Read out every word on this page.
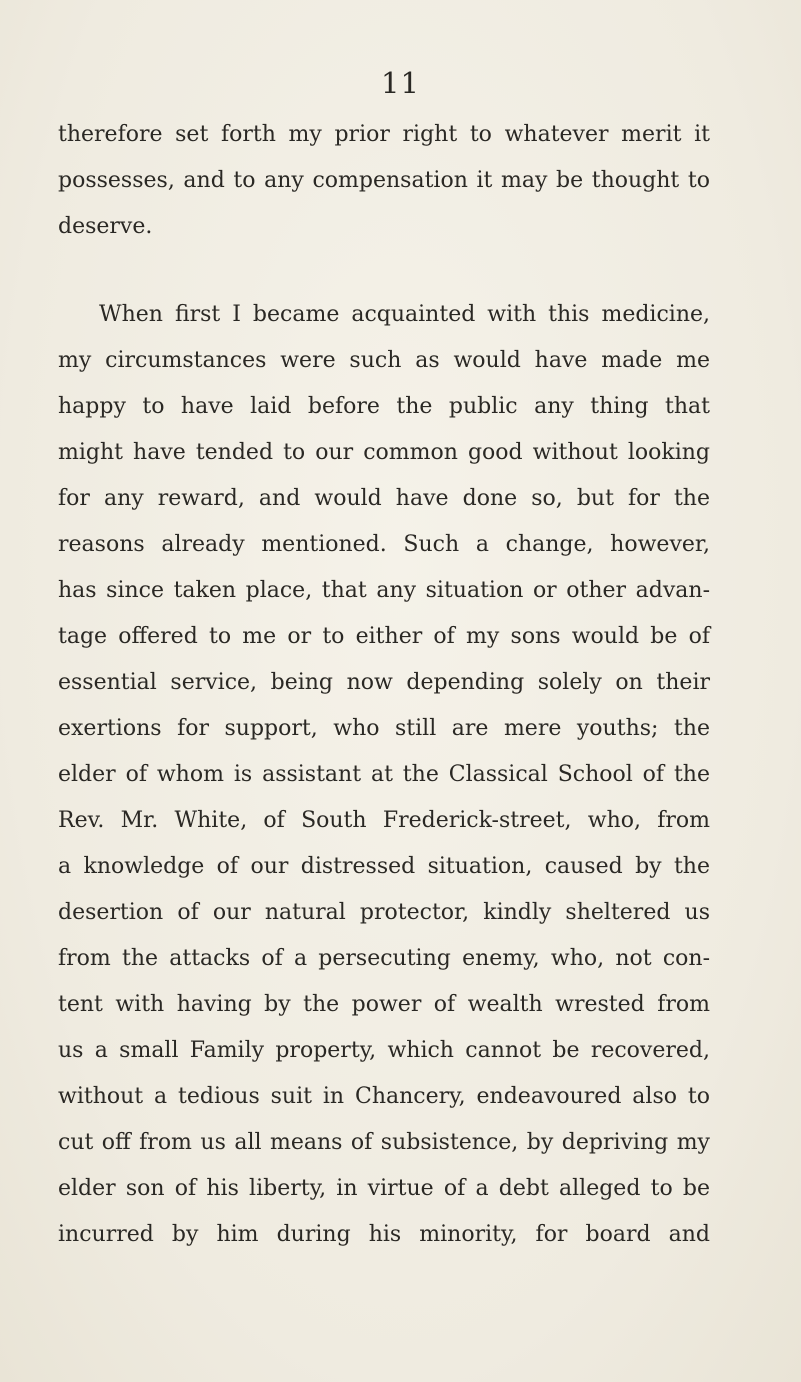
11
therefore set forth my prior right to whatever merit it
possesses, and to any compensation it may be thought to
deserve.
When first I became acquainted with this medicine,
my circumstances were such as would have made me
happy to have laid before the public any thing that
might have tended to our common good without looking
for any reward, and would have done so, but for the
reasons already mentioned. Such a change, however,
has since taken place, that any situation or other advan-
tage offered to me or to either of my sons would be of
essential service, being now depending solely on their
exertions for support, who still are mere youths; the
elder of whom is assistant at the Classical School of the
Rev. Mr. White, of South Frederick-street, who, from
a knowledge of our distressed situation, caused by the
desertion of our natural protector, kindly sheltered us
from the attacks of a persecuting enemy, who, not con-
tent with having by the power of wealth wrested from
us a small Family property, which cannot be recovered,
without a tedious suit in Chancery, endeavoured also to
cut off from us all means of subsistence, by depriving my
elder son of his liberty, in virtue of a debt alleged to be
incurred by him during his minority, for board and
